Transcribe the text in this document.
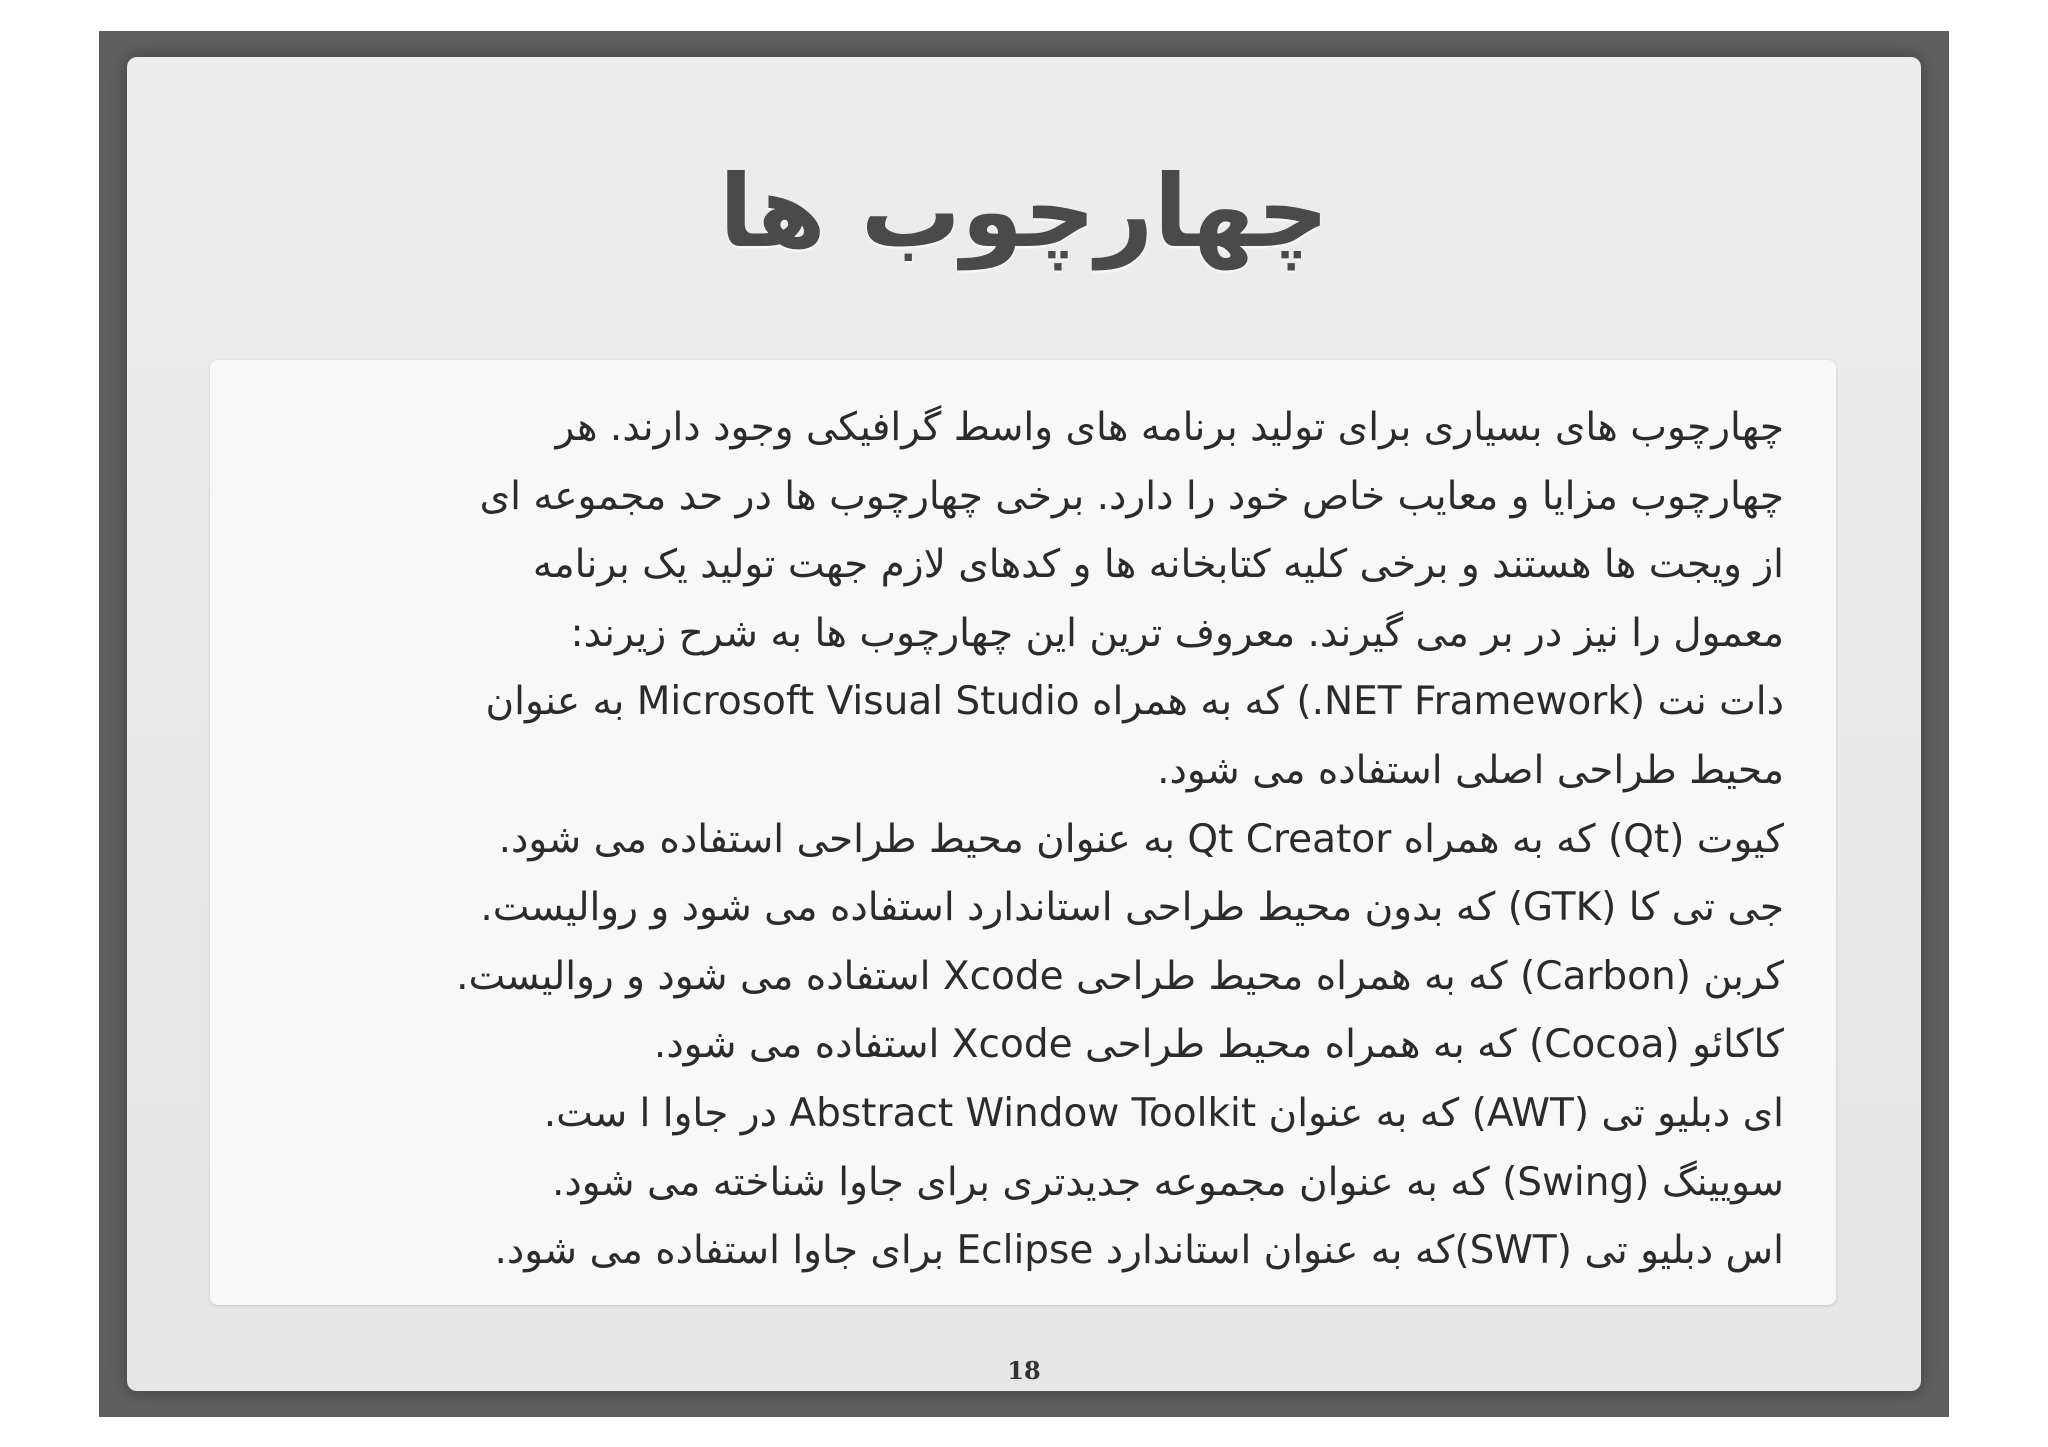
چهارچوب ها
چهارچوب های بسیاری برای تولید برنامه های واسط گرافیکی وجود دارند. هر
چهارچوب مزایا و معایب خاص خود را دارد. برخی چهارچوب ها در حد مجموعه ای
از ویجت ها هستند و برخی کلیه کتابخانه ها و کدهای لازم جهت تولید یک برنامه
معمول را نیز در بر می گیرند. معروف ترین این چهارچوب ها به شرح زیرند:
دات نت (NET Framework.) که به همراه Microsoft Visual Studio به عنوان
محیط طراحی اصلی استفاده می شود.
کیوت (Qt) که به همراه Qt Creator به عنوان محیط طراحی استفاده می شود.
جی تی کا (GTK) که بدون محیط طراحی استاندارد استفاده می شود و روالیست.
کربن (Carbon) که به همراه محیط طراحی Xcode استفاده می شود و روالیست.
کاکائو (Cocoa) که به همراه محیط طراحی Xcode استفاده می شود.
ای دبلیو تی (AWT) که به عنوان Abstract Window Toolkit در جاوا ا ست.
سویینگ (Swing) که به عنوان مجموعه جدیدتری برای جاوا شناخته می شود.
اس دبلیو تی (SWT)که به عنوان استاندارد Eclipse برای جاوا استفاده می شود.
18
